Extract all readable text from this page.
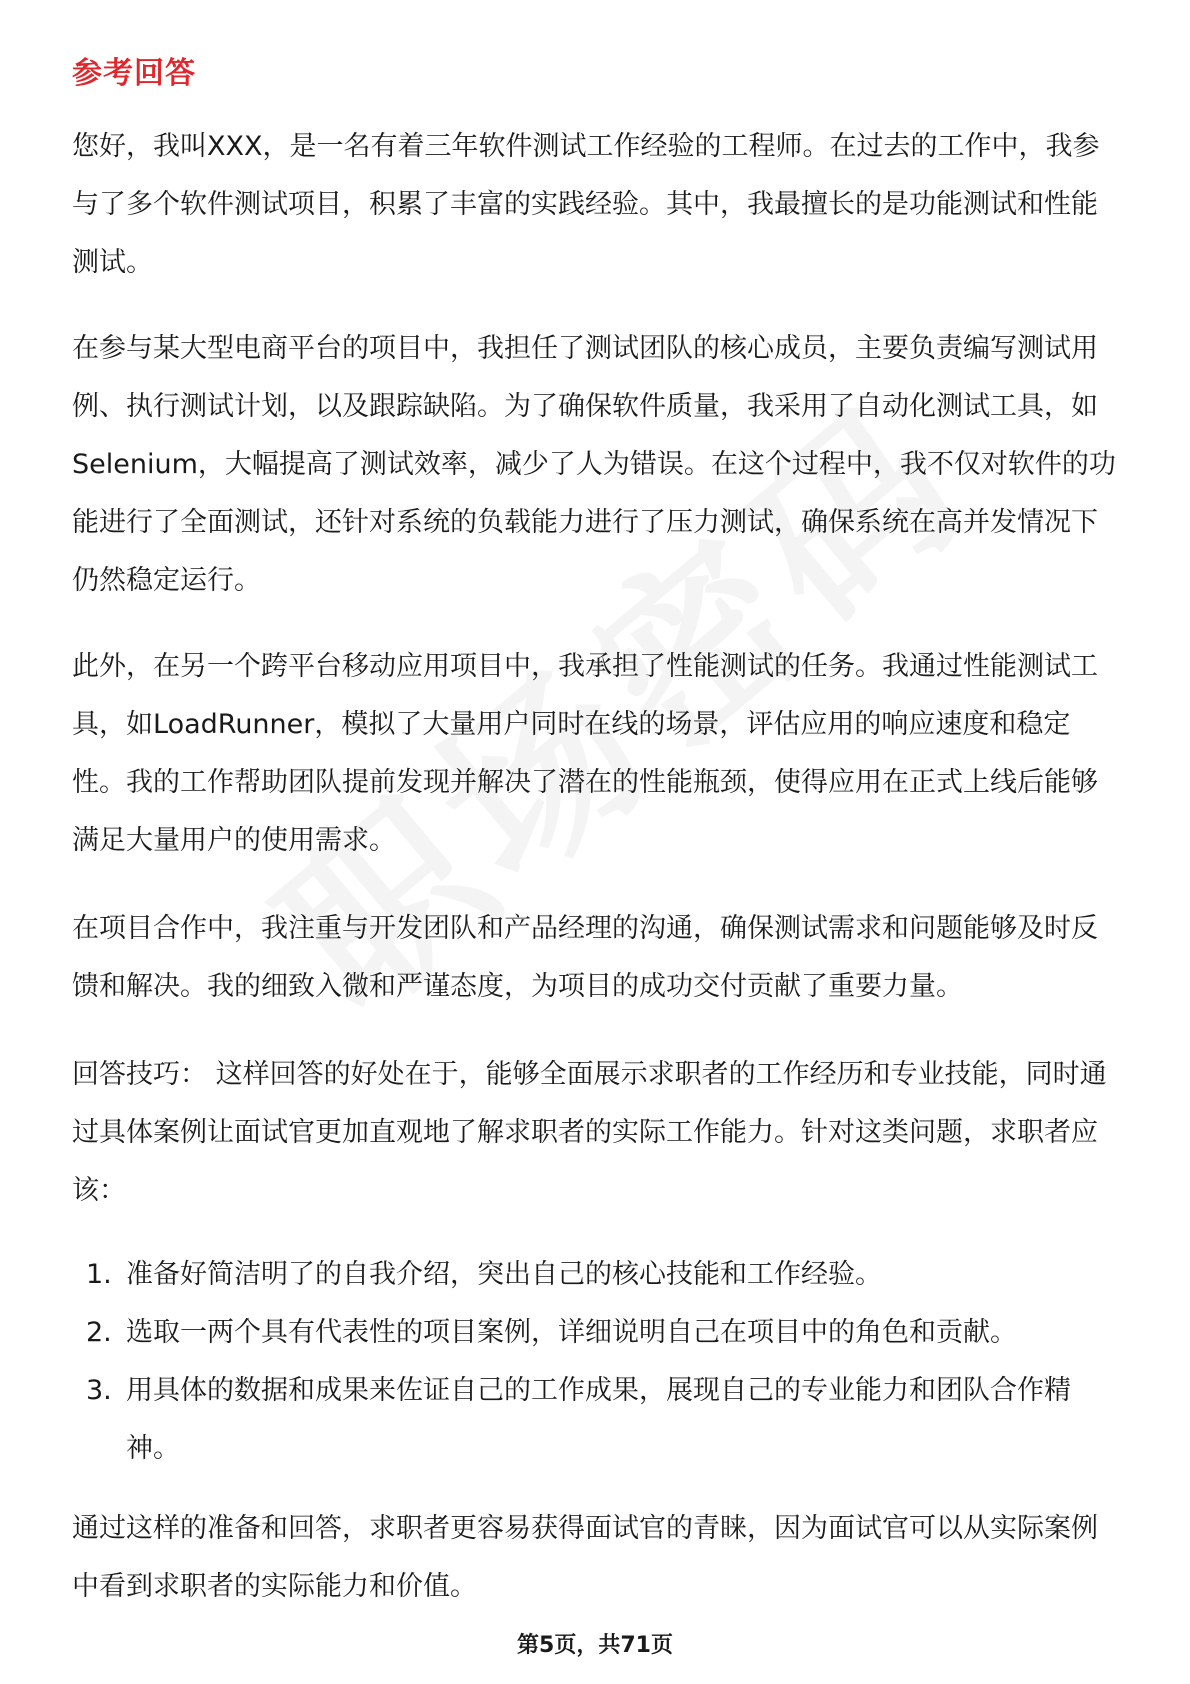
参考回答

您好，我叫XXX，是一名有着三年软件测试工作经验的工程师。在过去的工作中，我参与了多个软件测试项目，积累了丰富的实践经验。其中，我最擅长的是功能测试和性能测试。

在参与某大型电商平台的项目中，我担任了测试团队的核心成员，主要负责编写测试用例、执行测试计划，以及跟踪缺陷。为了确保软件质量，我采用了自动化测试工具，如Selenium，大幅提高了测试效率，减少了人为错误。在这个过程中，我不仅对软件的功能进行了全面测试，还针对系统的负载能力进行了压力测试，确保系统在高并发情况下仍然稳定运行。

此外，在另一个跨平台移动应用项目中，我承担了性能测试的任务。我通过性能测试工具，如LoadRunner，模拟了大量用户同时在线的场景，评估应用的响应速度和稳定性。我的工作帮助团队提前发现并解决了潜在的性能瓶颈，使得应用在正式上线后能够满足大量用户的使用需求。

在项目合作中，我注重与开发团队和产品经理的沟通，确保测试需求和问题能够及时反馈和解决。我的细致入微和严谨态度，为项目的成功交付贡献了重要力量。

回答技巧： 这样回答的好处在于，能够全面展示求职者的工作经历和专业技能，同时通过具体案例让面试官更加直观地了解求职者的实际工作能力。针对这类问题，求职者应该：

1. 准备好简洁明了的自我介绍，突出自己的核心技能和工作经验。
2. 选取一两个具有代表性的项目案例，详细说明自己在项目中的角色和贡献。
3. 用具体的数据和成果来佐证自己的工作成果，展现自己的专业能力和团队合作精神。

通过这样的准备和回答，求职者更容易获得面试官的青睐，因为面试官可以从实际案例中看到求职者的实际能力和价值。

第5页，共71页
